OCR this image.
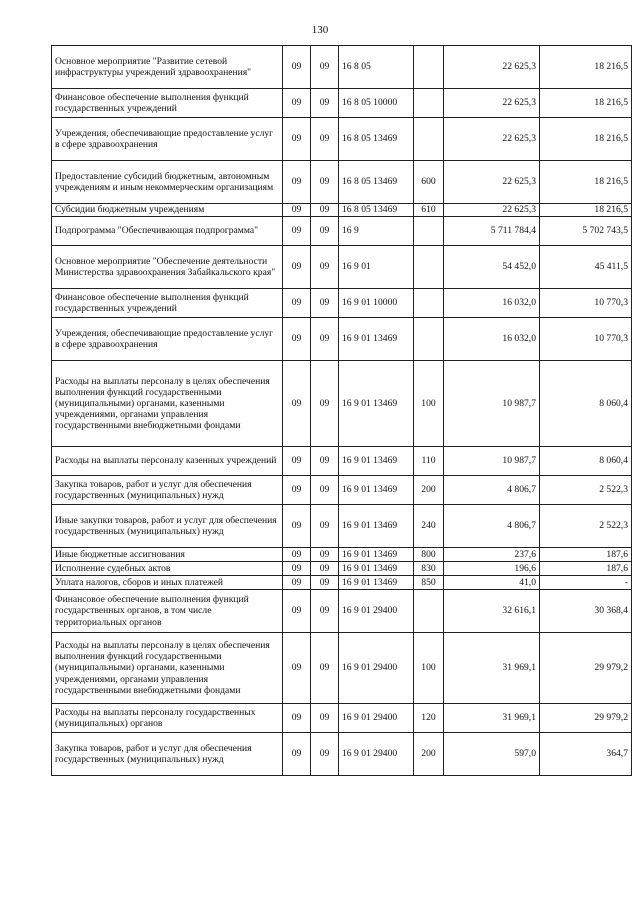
130
Основное мероприятие "Развитие сетевой инфраструктуры учреждений здравоохранения"	09	09	16 8 05		22 625,3	18 216,5
Финансовое обеспечение выполнения функций государственных учреждений	09	09	16 8 05 10000		22 625,3	18 216,5
Учреждения, обеспечивающие предоставление услуг в сфере здравоохранения	09	09	16 8 05 13469		22 625,3	18 216,5
Предоставление субсидий бюджетным, автономным учреждениям и иным некоммерческим организациям	09	09	16 8 05 13469	600	22 625,3	18 216,5
Субсидии бюджетным учреждениям	09	09	16 8 05 13469	610	22 625,3	18 216,5
Подпрограмма "Обеспечивающая подпрограмма"	09	09	16 9		5 711 784,4	5 702 743,5
Основное мероприятие "Обеспечение деятельности Министерства здравоохранения Забайкальского края"	09	09	16 9 01		54 452,0	45 411,5
Финансовое обеспечение выполнения функций государственных учреждений	09	09	16 9 01 10000		16 032,0	10 770,3
Учреждения, обеспечивающие предоставление услуг в сфере здравоохранения	09	09	16 9 01 13469		16 032,0	10 770,3
Расходы на выплаты персоналу в целях обеспечения выполнения функций государственными (муниципальными) органами, казенными учреждениями, органами управления государственными внебюджетными фондами	09	09	16 9 01 13469	100	10 987,7	8 060,4
Расходы на выплаты персоналу казенных учреждений	09	09	16 9 01 13469	110	10 987,7	8 060,4
Закупка товаров, работ и услуг для обеспечения государственных (муниципальных) нужд	09	09	16 9 01 13469	200	4 806,7	2 522,3
Иные закупки товаров, работ и услуг для обеспечения государственных (муниципальных) нужд	09	09	16 9 01 13469	240	4 806,7	2 522,3
Иные бюджетные ассигнования	09	09	16 9 01 13469	800	237,6	187,6
Исполнение судебных актов	09	09	16 9 01 13469	830	196,6	187,6
Уплата налогов, сборов и иных платежей	09	09	16 9 01 13469	850	41,0	-
Финансовое обеспечение выполнения функций государственных органов, в том числе территориальных органов	09	09	16 9 01 29400		32 616,1	30 368,4
Расходы на выплаты персоналу в целях обеспечения выполнения функций государственными (муниципальными) органами, казенными учреждениями, органами управления государственными внебюджетными фондами	09	09	16 9 01 29400	100	31 969,1	29 979,2
Расходы на выплаты персоналу государственных (муниципальных) органов	09	09	16 9 01 29400	120	31 969,1	29 979,2
Закупка товаров, работ и услуг для обеспечения государственных (муниципальных) нужд	09	09	16 9 01 29400	200	597,0	364,7
